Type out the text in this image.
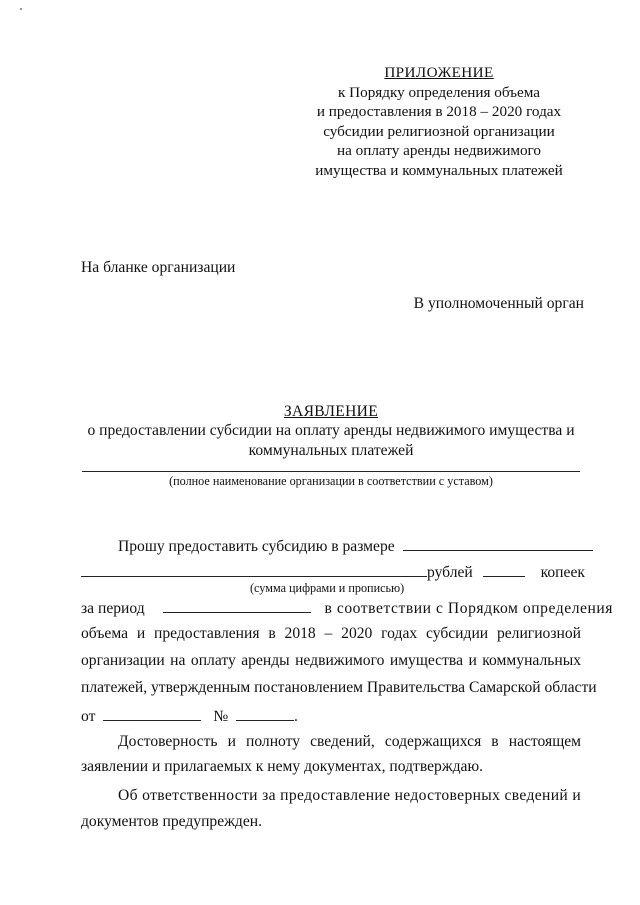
ПРИЛОЖЕНИЕ
к Порядку определения объема
и предоставления в 2018 – 2020 годах
субсидии религиозной организации
на оплату аренды недвижимого
имущества и коммунальных платежей
На бланке организации
В уполномоченный орган
ЗАЯВЛЕНИЕ
о предоставлении субсидии на оплату аренды недвижимого имущества и
коммунальных платежей
(полное наименование организации в соответствии с уставом)
Прошу предоставить субсидию в размере
рублей	копеек
(сумма цифрами и прописью)
за период	в соответствии с Порядком определения
объема и предоставления в 2018 – 2020 годах субсидии религиозной
организации на оплату аренды недвижимого имущества и коммунальных
платежей, утвержденным постановлением Правительства Самарской области
от	№	.
Достоверность и полноту сведений, содержащихся в настоящем
заявлении и прилагаемых к нему документах, подтверждаю.
Об ответственности за предоставление недостоверных сведений и
документов предупрежден.
